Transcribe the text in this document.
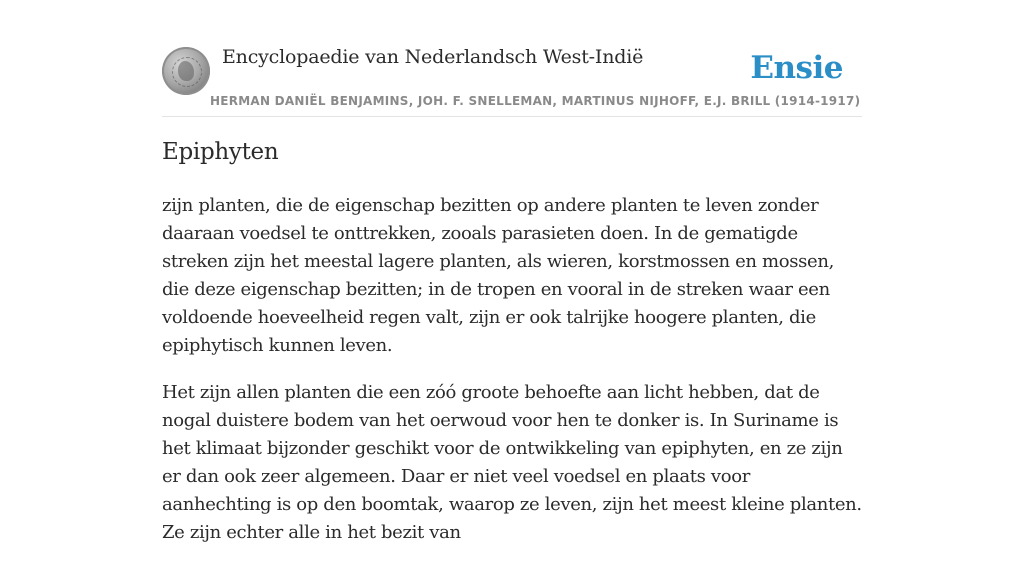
Encyclopaedie van Nederlandsch West-Indië	Ensie
HERMAN DANIËL BENJAMINS, JOH. F. SNELLEMAN, MARTINUS NIJHOFF, E.J. BRILL (1914-1917)
Epiphyten

zijn planten, die de eigenschap bezitten op andere planten te leven zonder daaraan voedsel te onttrekken, zooals parasieten doen. In de gematigde streken zijn het meestal lagere planten, als wieren, korstmossen en mossen, die deze eigenschap bezitten; in de tropen en vooral in de streken waar een voldoende hoeveelheid regen valt, zijn er ook talrijke hoogere planten, die epiphytisch kunnen leven.

Het zijn allen planten die een zóó groote behoefte aan licht hebben, dat de nogal duistere bodem van het oerwoud voor hen te donker is. In Suriname is het klimaat bijzonder geschikt voor de ontwikkeling van epiphyten, en ze zijn er dan ook zeer algemeen. Daar er niet veel voedsel en plaats voor aanhechting is op den boomtak, waarop ze leven, zijn het meest kleine planten. Ze zijn echter alle in het bezit van
